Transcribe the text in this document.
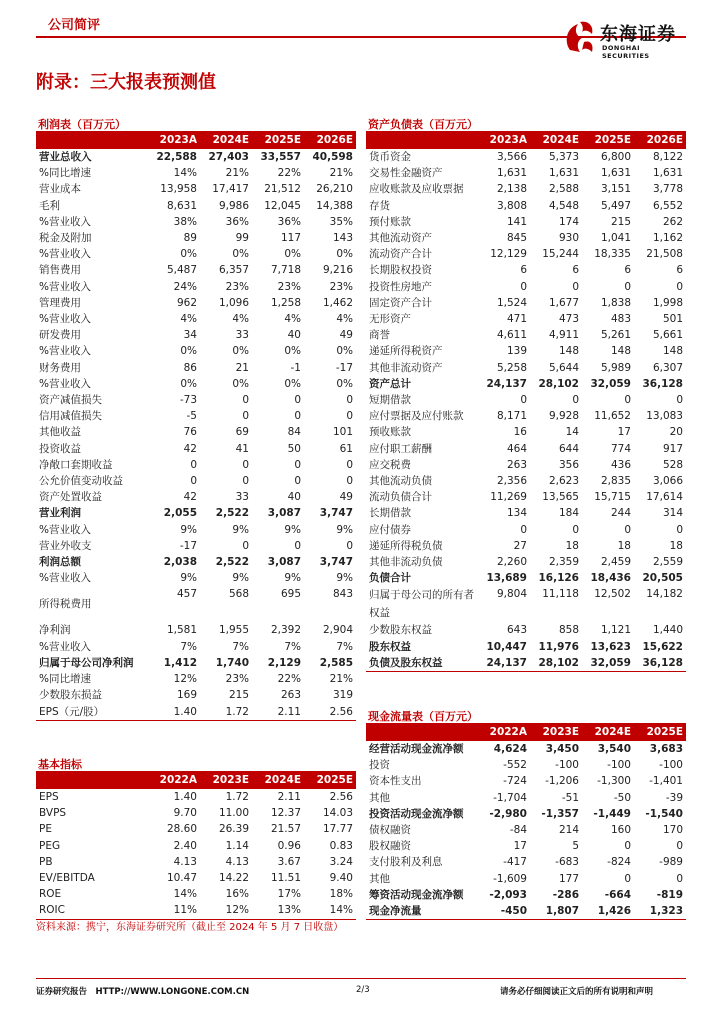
公司简评	东海证券
DONGHAI SECURITIES
附录：三大报表预测值
利润表（百万元）
	2023A	2024E	2025E	2026E
营业总收入	22,588	27,403	33,557	40,598
%同比增速	14%	21%	22%	21%
营业成本	13,958	17,417	21,512	26,210
毛利	8,631	9,986	12,045	14,388
%营业收入	38%	36%	36%	35%
税金及附加	89	99	117	143
%营业收入	0%	0%	0%	0%
销售费用	5,487	6,357	7,718	9,216
%营业收入	24%	23%	23%	23%
管理费用	962	1,096	1,258	1,462
%营业收入	4%	4%	4%	4%
研发费用	34	33	40	49
%营业收入	0%	0%	0%	0%
财务费用	86	21	-1	-17
%营业收入	0%	0%	0%	0%
资产减值损失	-73	0	0	0
信用减值损失	-5	0	0	0
其他收益	76	69	84	101
投资收益	42	41	50	61
净敞口套期收益	0	0	0	0
公允价值变动收益	0	0	0	0
资产处置收益	42	33	40	49
营业利润	2,055	2,522	3,087	3,747
%营业收入	9%	9%	9%	9%
营业外收支	-17	0	0	0
利润总额	2,038	2,522	3,087	3,747
%营业收入	9%	9%	9%	9%
所得税费用	457	568	695	843
净利润	1,581	1,955	2,392	2,904
%营业收入	7%	7%	7%	7%
归属于母公司净利润	1,412	1,740	2,129	2,585
%同比增速	12%	23%	22%	21%
少数股东损益	169	215	263	319
EPS（元/股）	1.40	1.72	2.11	2.56
资产负债表（百万元）
	2023A	2024E	2025E	2026E
货币资金	3,566	5,373	6,800	8,122
交易性金融资产	1,631	1,631	1,631	1,631
应收账款及应收票据	2,138	2,588	3,151	3,778
存货	3,808	4,548	5,497	6,552
预付账款	141	174	215	262
其他流动资产	845	930	1,041	1,162
流动资产合计	12,129	15,244	18,335	21,508
长期股权投资	6	6	6	6
投资性房地产	0	0	0	0
固定资产合计	1,524	1,677	1,838	1,998
无形资产	471	473	483	501
商誉	4,611	4,911	5,261	5,661
递延所得税资产	139	148	148	148
其他非流动资产	5,258	5,644	5,989	6,307
资产总计	24,137	28,102	32,059	36,128
短期借款	0	0	0	0
应付票据及应付账款	8,171	9,928	11,652	13,083
预收账款	16	14	17	20
应付职工薪酬	464	644	774	917
应交税费	263	356	436	528
其他流动负债	2,356	2,623	2,835	3,066
流动负债合计	11,269	13,565	15,715	17,614
长期借款	134	184	244	314
应付债券	0	0	0	0
递延所得税负债	27	18	18	18
其他非流动负债	2,260	2,359	2,459	2,559
负债合计	13,689	16,126	18,436	20,505
归属于母公司的所有者权益	9,804	11,118	12,502	14,182
少数股东权益	643	858	1,121	1,440
股东权益	10,447	11,976	13,623	15,622
负债及股东权益	24,137	28,102	32,059	36,128
基本指标
	2022A	2023E	2024E	2025E
EPS	1.40	1.72	2.11	2.56
BVPS	9.70	11.00	12.37	14.03
PE	28.60	26.39	21.57	17.77
PEG	2.40	1.14	0.96	0.83
PB	4.13	4.13	3.67	3.24
EV/EBITDA	10.47	14.22	11.51	9.40
ROE	14%	16%	17%	18%
ROIC	11%	12%	13%	14%
现金流量表（百万元）
	2022A	2023E	2024E	2025E
经营活动现金流净额	4,624	3,450	3,540	3,683
投资	-552	-100	-100	-100
资本性支出	-724	-1,206	-1,300	-1,401
其他	-1,704	-51	-50	-39
投资活动现金流净额	-2,980	-1,357	-1,449	-1,540
债权融资	-84	214	160	170
股权融资	17	5	0	0
支付股利及利息	-417	-683	-824	-989
其他	-1,609	177	0	0
筹资活动现金流净额	-2,093	-286	-664	-819
现金净流量	-450	1,807	1,426	1,323
资料来源：携宁，东海证券研究所（截止至 2024 年 5 月 7 日收盘）
证券研究报告　HTTP://WWW.LONGONE.COM.CN	2/3	请务必仔细阅读正文后的所有说明和声明
